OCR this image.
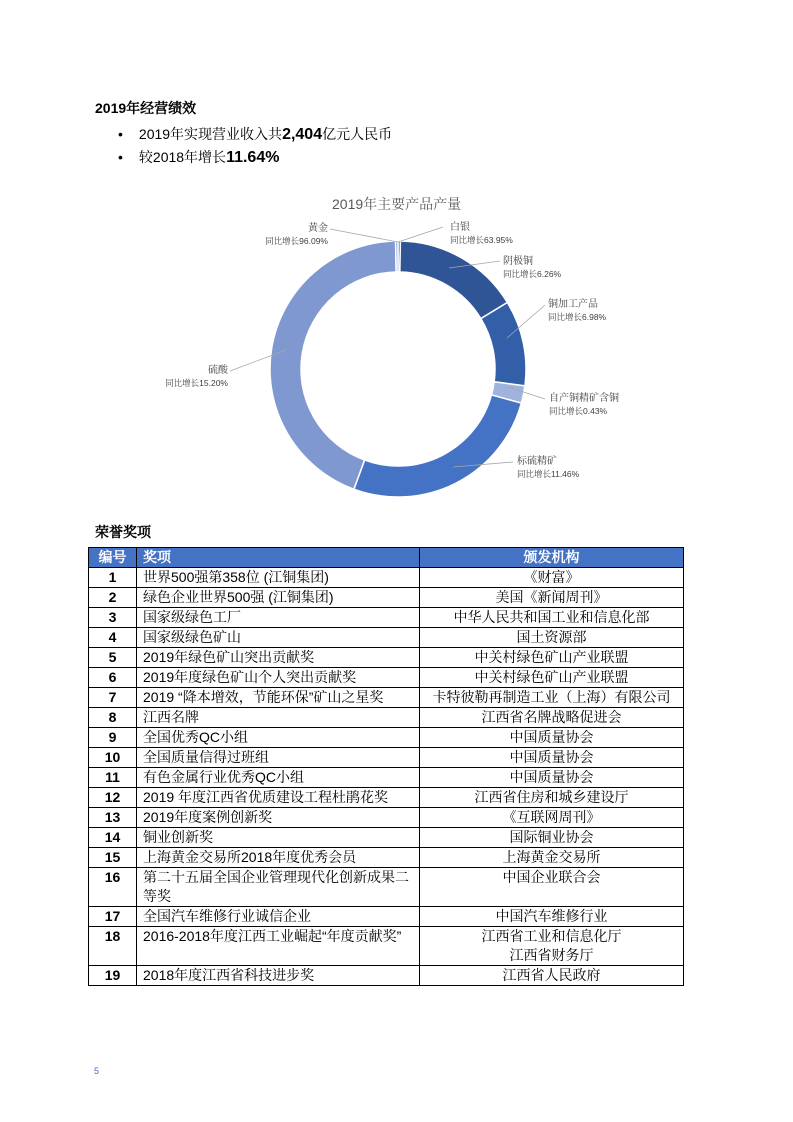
2019年经营绩效
• 2019年实现营业收入共2,404亿元人民币
• 较2018年增长11.64%
2019年主要产品产量
白银
同比增长63.95%
阴极铜
同比增长6.26%
铜加工产品
同比增长6.98%
自产铜精矿含铜
同比增长0.43%
标硫精矿
同比增长11.46%
硫酸
同比增长15.20%
黄金
同比增长96.09%
荣誉奖项
编号	奖项	颁发机构
1	世界500强第358位 (江铜集团)	《财富》
2	绿色企业世界500强 (江铜集团)	美国《新闻周刊》
3	国家级绿色工厂	中华人民共和国工业和信息化部
4	国家级绿色矿山	国土资源部
5	2019年绿色矿山突出贡献奖	中关村绿色矿山产业联盟
6	2019年度绿色矿山个人突出贡献奖	中关村绿色矿山产业联盟
7	2019 “降本增效，节能环保”矿山之星奖	卡特彼勒再制造工业（上海）有限公司
8	江西名牌	江西省名牌战略促进会
9	全国优秀QC小组	中国质量协会
10	全国质量信得过班组	中国质量协会
11	有色金属行业优秀QC小组	中国质量协会
12	2019 年度江西省优质建设工程杜鹃花奖	江西省住房和城乡建设厅
13	2019年度案例创新奖	《互联网周刊》
14	铜业创新奖	国际铜业协会
15	上海黄金交易所2018年度优秀会员	上海黄金交易所
16	第二十五届全国企业管理现代化创新成果二等奖	中国企业联合会
17	全国汽车维修行业诚信企业	中国汽车维修行业
18	2016-2018年度江西工业崛起“年度贡献奖”	江西省工业和信息化厅
江西省财务厅
19	2018年度江西省科技进步奖	江西省人民政府
5
